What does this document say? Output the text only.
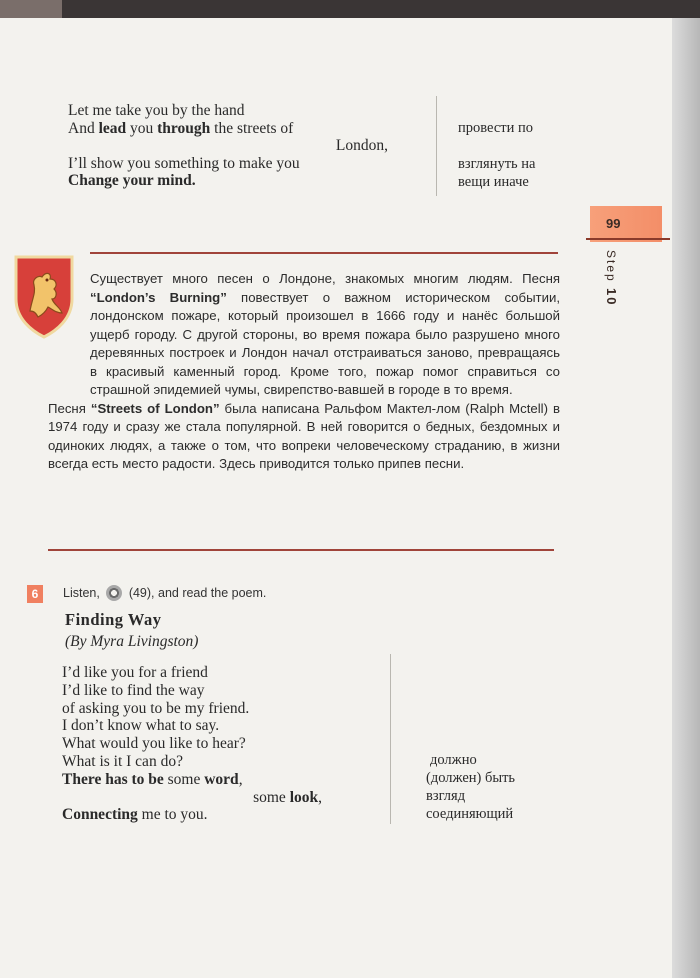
Let me take you by the hand
And lead you through the streets of
London,
I’ll show you something to make you
Change your mind.
провести по
взглянуть на
вещи иначе
99
Step 10

Существует много песен о Лондоне, знакомых многим людям. Песня “London’s Burning” повествует о важном историческом событии, лондонском пожаре, который произошел в 1666 году и нанёс большой ущерб городу. С другой стороны, во время пожара было разрушено много деревянных построек и Лондон начал отстраиваться заново, превращаясь в красивый каменный город. Кроме того, пожар помог справиться со страшной эпидемией чумы, свирепство-вавшей в городе в то время.

Песня “Streets of London” была написана Ральфом Мактел-лом (Ralph Mctell) в 1974 году и сразу же стала популярной. В ней говорится о бедных, бездомных и одиноких людях, а также о том, что вопреки человеческому страданию, в жизни всегда есть место радости. Здесь приводится только припев песни.

6	Listen, (49), and read the poem.
Finding Way
(By Myra Livingston)
I’d like you for a friend
I’d like to find the way
of asking you to be my friend.
I don’t know what to say.
What would you like to hear?
What is it I can do?
There has to be some word,
some look,
Connecting me to you.
должно
(должен) быть
взгляд
соединяющий
